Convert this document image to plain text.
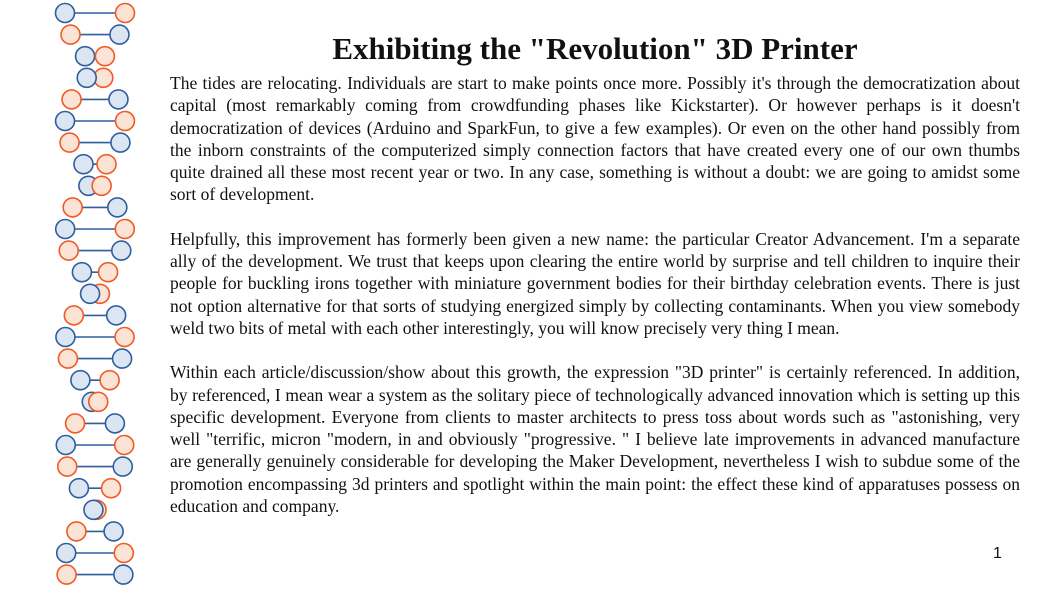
Exhibiting the "Revolution" 3D Printer

The tides are relocating. Individuals are start to make points once more. Possibly it's through the democratization about capital (most remarkably coming from crowdfunding phases like Kickstarter). Or however perhaps is it doesn't democratization of devices (Arduino and SparkFun, to give a few examples). Or even on the other hand possibly from the inborn constraints of the computerized simply connection factors that have created every one of our own thumbs quite drained all these most recent year or two. In any case, something is without a doubt: we are going to amidst some sort of development.

Helpfully, this improvement has formerly been given a new name: the particular Creator Advancement. I'm a separate ally of the development. We trust that keeps upon clearing the entire world by surprise and tell children to inquire their people for buckling irons together with miniature government bodies for their birthday celebration events. There is just not option alternative for that sorts of studying energized simply by collecting contaminants. When you view somebody weld two bits of metal with each other interestingly, you will know precisely very thing I mean.

Within each article/discussion/show about this growth, the expression "3D printer" is certainly referenced. In addition, by referenced, I mean wear a system as the solitary piece of technologically advanced innovation which is setting up this specific development. Everyone from clients to master architects to press toss about words such as "astonishing, very well "terrific, micron "modern, in and obviously "progressive. " I believe late improvements in advanced manufacture are generally genuinely considerable for developing the Maker Development, nevertheless I wish to subdue some of the promotion encompassing 3d printers and spotlight within the main point: the effect these kind of apparatuses possess on education and company.

1
